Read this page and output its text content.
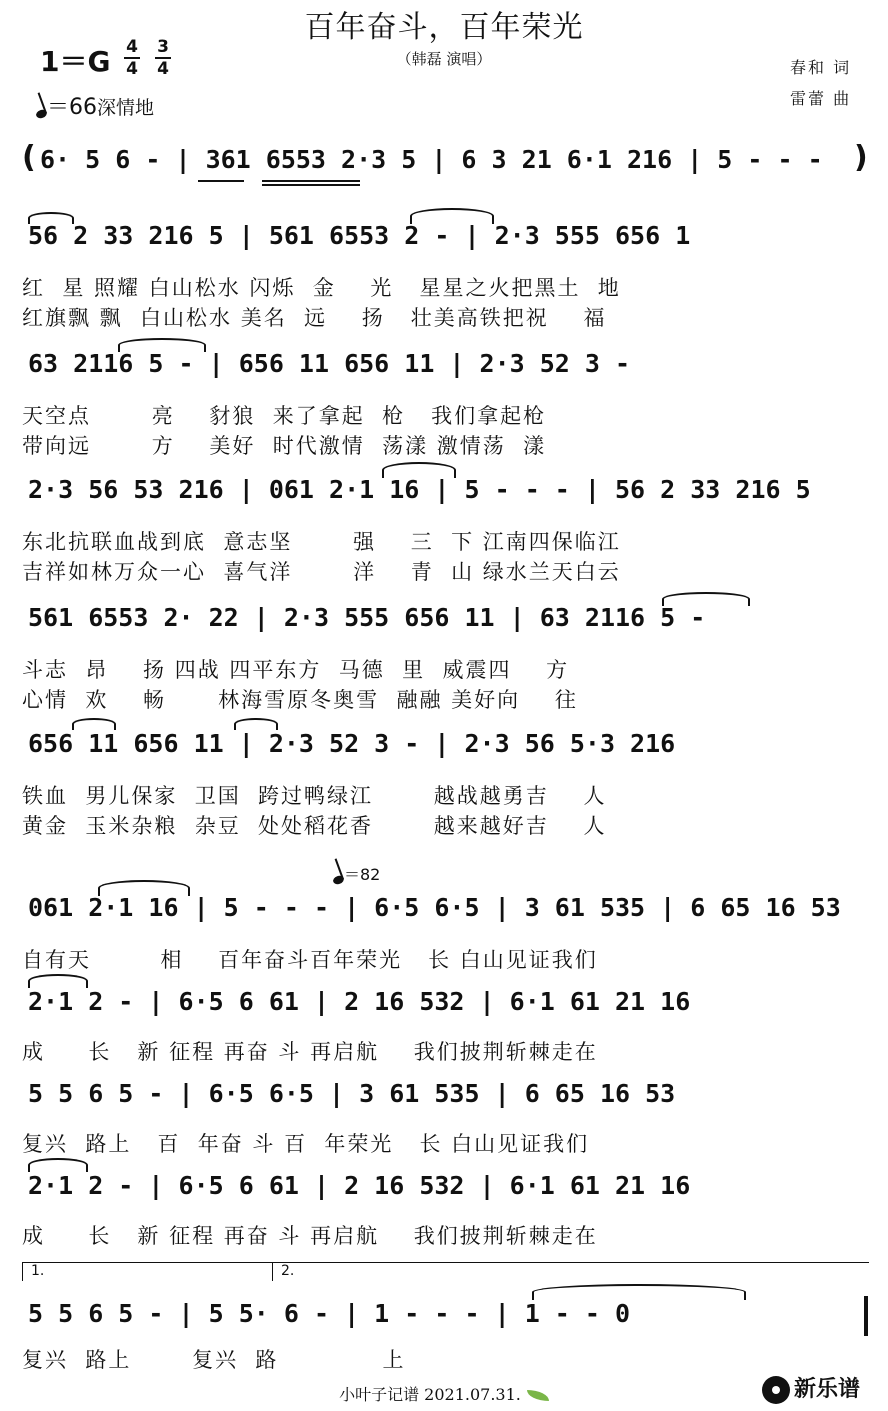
百年奋斗，百年荣光
（韩磊 演唱）
1＝G 4
4
3
4
＝66深情地
春和 词
雷蕾 曲
( 6· 5 6 - | 361 6553 2·3 5 | 6 3 21 6·1 216 | 5 - - - )
56 2 33 216 5 | 561 6553 2 - | 2·3 555 656 1
红  星 照耀 白山松水 闪烁  金    光   星星之火把黑土  地
红旗飘 飘  白山松水 美名  远    扬   壮美高铁把祝    福
63 2116 5 - | 656 11 656 11 | 2·3 52 3 -
天空点       亮    豺狼  来了拿起  枪   我们拿起枪
带向远       方    美好  时代激情  荡漾 激情荡  漾
2·3 56 53 216 | 061 2·1 16 | 5 - - - | 56 2 33 216 5
东北抗联血战到底  意志坚       强    三  下 江南四保临江
吉祥如林万众一心  喜气洋       洋    青  山 绿水兰天白云
561 6553 2· 22 | 2·3 555 656 11 | 63 2116 5 -
斗志  昂    扬 四战 四平东方  马德  里  威震四    方
心情  欢    畅      林海雪原冬奥雪  融融 美好向    往
656 11 656 11 | 2·3 52 3 - | 2·3 56 5·3 216
铁血  男儿保家  卫国  跨过鸭绿江       越战越勇吉    人
黄金  玉米杂粮  杂豆  处处稻花香       越来越好吉    人
＝82
061 2·1 16 | 5 - - - | 6·5 6·5 | 3 61 535 | 6 65 16 53
自有天        相    百年奋斗百年荣光   长 白山见证我们
2·1 2 - | 6·5 6 61 | 2 16 532 | 6·1 61 21 16
成     长   新 征程 再奋 斗 再启航    我们披荆斩棘走在
5 5 6 5 - | 6·5 6·5 | 3 61 535 | 6 65 16 53
复兴  路上   百  年奋 斗 百  年荣光   长 白山见证我们
2·1 2 - | 6·5 6 61 | 2 16 532 | 6·1 61 21 16
成     长   新 征程 再奋 斗 再启航    我们披荆斩棘走在
1.	2.
5 5 6 5 - | 5 5· 6 - | 1 - - - | 1 - - 0
复兴  路上       复兴  路            上
小叶子记谱 2021.07.31.	新乐谱
